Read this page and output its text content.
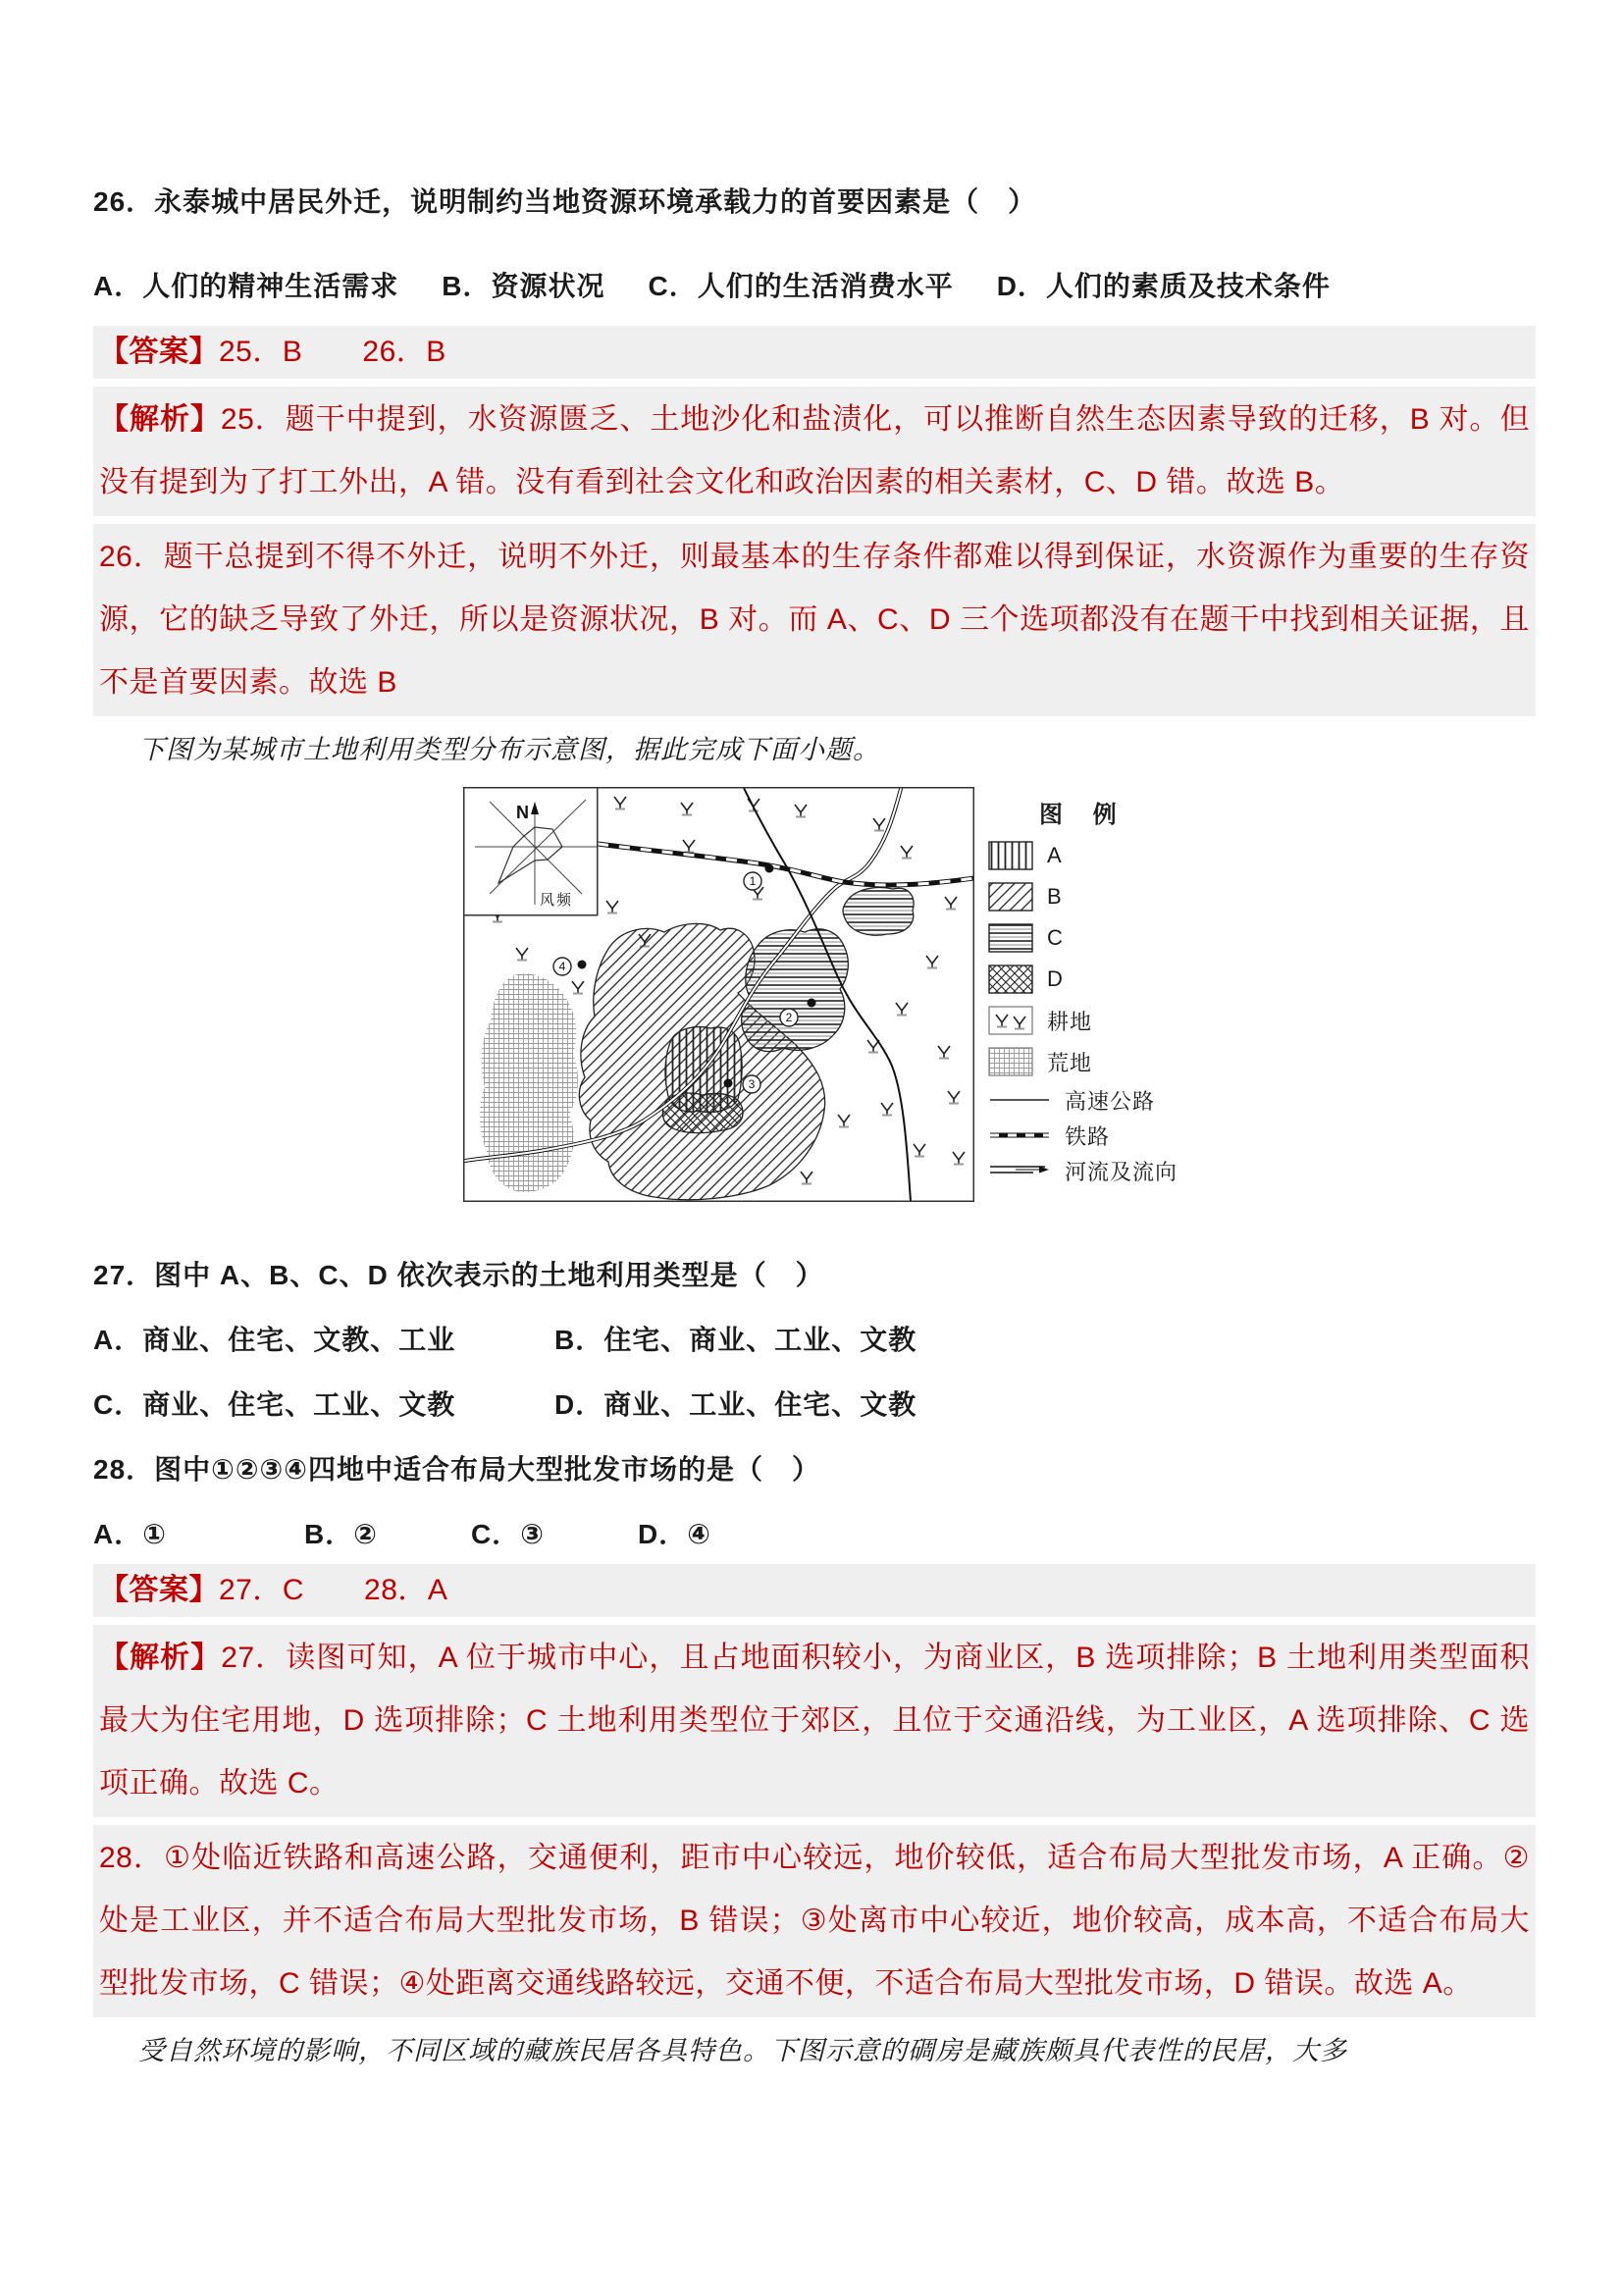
26．永泰城中居民外迁，说明制约当地资源环境承载力的首要因素是（　）

A．人们的精神生活需求 B．资源状况 C．人们的生活消费水平 D．人们的素质及技术条件

【答案】25．B　　26．B

【解析】25．题干中提到，水资源匮乏、土地沙化和盐渍化，可以推断自然生态因素导致的迁移，B 对。但没有提到为了打工外出，A 错。没有看到社会文化和政治因素的相关素材，C、D 错。故选 B。

26．题干总提到不得不外迁，说明不外迁，则最基本的生存条件都难以得到保证，水资源作为重要的生存资源，它的缺乏导致了外迁，所以是资源状况，B 对。而 A、C、D 三个选项都没有在题干中找到相关证据，且不是首要因素。故选 B

下图为某城市土地利用类型分布示意图，据此完成下面小题。

N
风频
1
2
3
4
图 例
A
B
C
D
耕地
荒地
高速公路
铁路
河流及流向

27．图中 A、B、C、D 依次表示的土地利用类型是（　）

A．商业、住宅、文教、工业	B．住宅、商业、工业、文教
C．商业、住宅、工业、文教	D．商业、工业、住宅、文教

28．图中①②③④四地中适合布局大型批发市场的是（　）

A．①	B．②	C．③	D．④

【答案】27．C　　28．A

【解析】27．读图可知，A 位于城市中心，且占地面积较小，为商业区，B 选项排除；B 土地利用类型面积最大为住宅用地，D 选项排除；C 土地利用类型位于郊区，且位于交通沿线，为工业区，A 选项排除、C 选项正确。故选 C。

28．①处临近铁路和高速公路，交通便利，距市中心较远，地价较低，适合布局大型批发市场，A 正确。②处是工业区，并不适合布局大型批发市场，B 错误；③处离市中心较近，地价较高，成本高，不适合布局大型批发市场，C 错误；④处距离交通线路较远，交通不便，不适合布局大型批发市场，D 错误。故选 A。

受自然环境的影响，不同区域的藏族民居各具特色。下图示意的碉房是藏族颇具代表性的民居，大多
